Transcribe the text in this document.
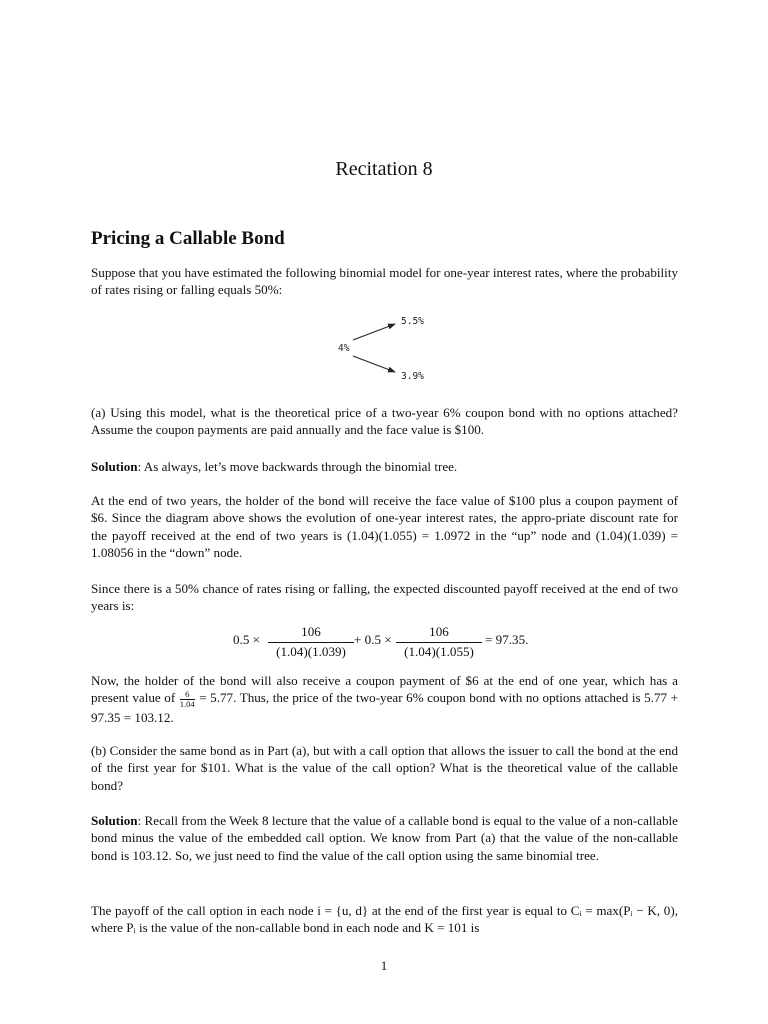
Recitation 8
Pricing a Callable Bond

Suppose that you have estimated the following binomial model for one-year interest rates, where the probability of rates rising or falling equals 50%:

4%
5.5%
3.9%

(a) Using this model, what is the theoretical price of a two-year 6% coupon bond with no options attached? Assume the coupon payments are paid annually and the face value is $100.

Solution: As always, let’s move backwards through the binomial tree.

At the end of two years, the holder of the bond will receive the face value of $100 plus a coupon payment of $6. Since the diagram above shows the evolution of one-year interest rates, the appro-priate discount rate for the payoff received at the end of two years is (1.04)(1.055) = 1.0972 in the “up” node and (1.04)(1.039) = 1.08056 in the “down” node.

Since there is a 50% chance of rates rising or falling, the expected discounted payoff received at the end of two years is:

0.5 ×
106
(1.04)(1.039)
+ 0.5 ×
106
(1.04)(1.055)
= 97.35.

Now, the holder of the bond will also receive a coupon payment of $6 at the end of one year, which has a present value of $\frac{6}{1.04} = 5.77$. Thus, the price of the two-year 6% coupon bond with no options attached is 5.77 + 97.35 = 103.12.

(b) Consider the same bond as in Part (a), but with a call option that allows the issuer to call the bond at the end of the first year for $101. What is the value of the call option? What is the theoretical value of the callable bond?

Solution: Recall from the Week 8 lecture that the value of a callable bond is equal to the value of a non-callable bond minus the value of the embedded call option. We know from Part (a) that the value of the non-callable bond is 103.12. So, we just need to find the value of the call option using the same binomial tree.

The payoff of the call option in each node i = {u, d} at the end of the first year is equal to Cᵢ = max(Pᵢ − K, 0), where Pᵢ is the value of the non-callable bond in each node and K = 101 is

1
